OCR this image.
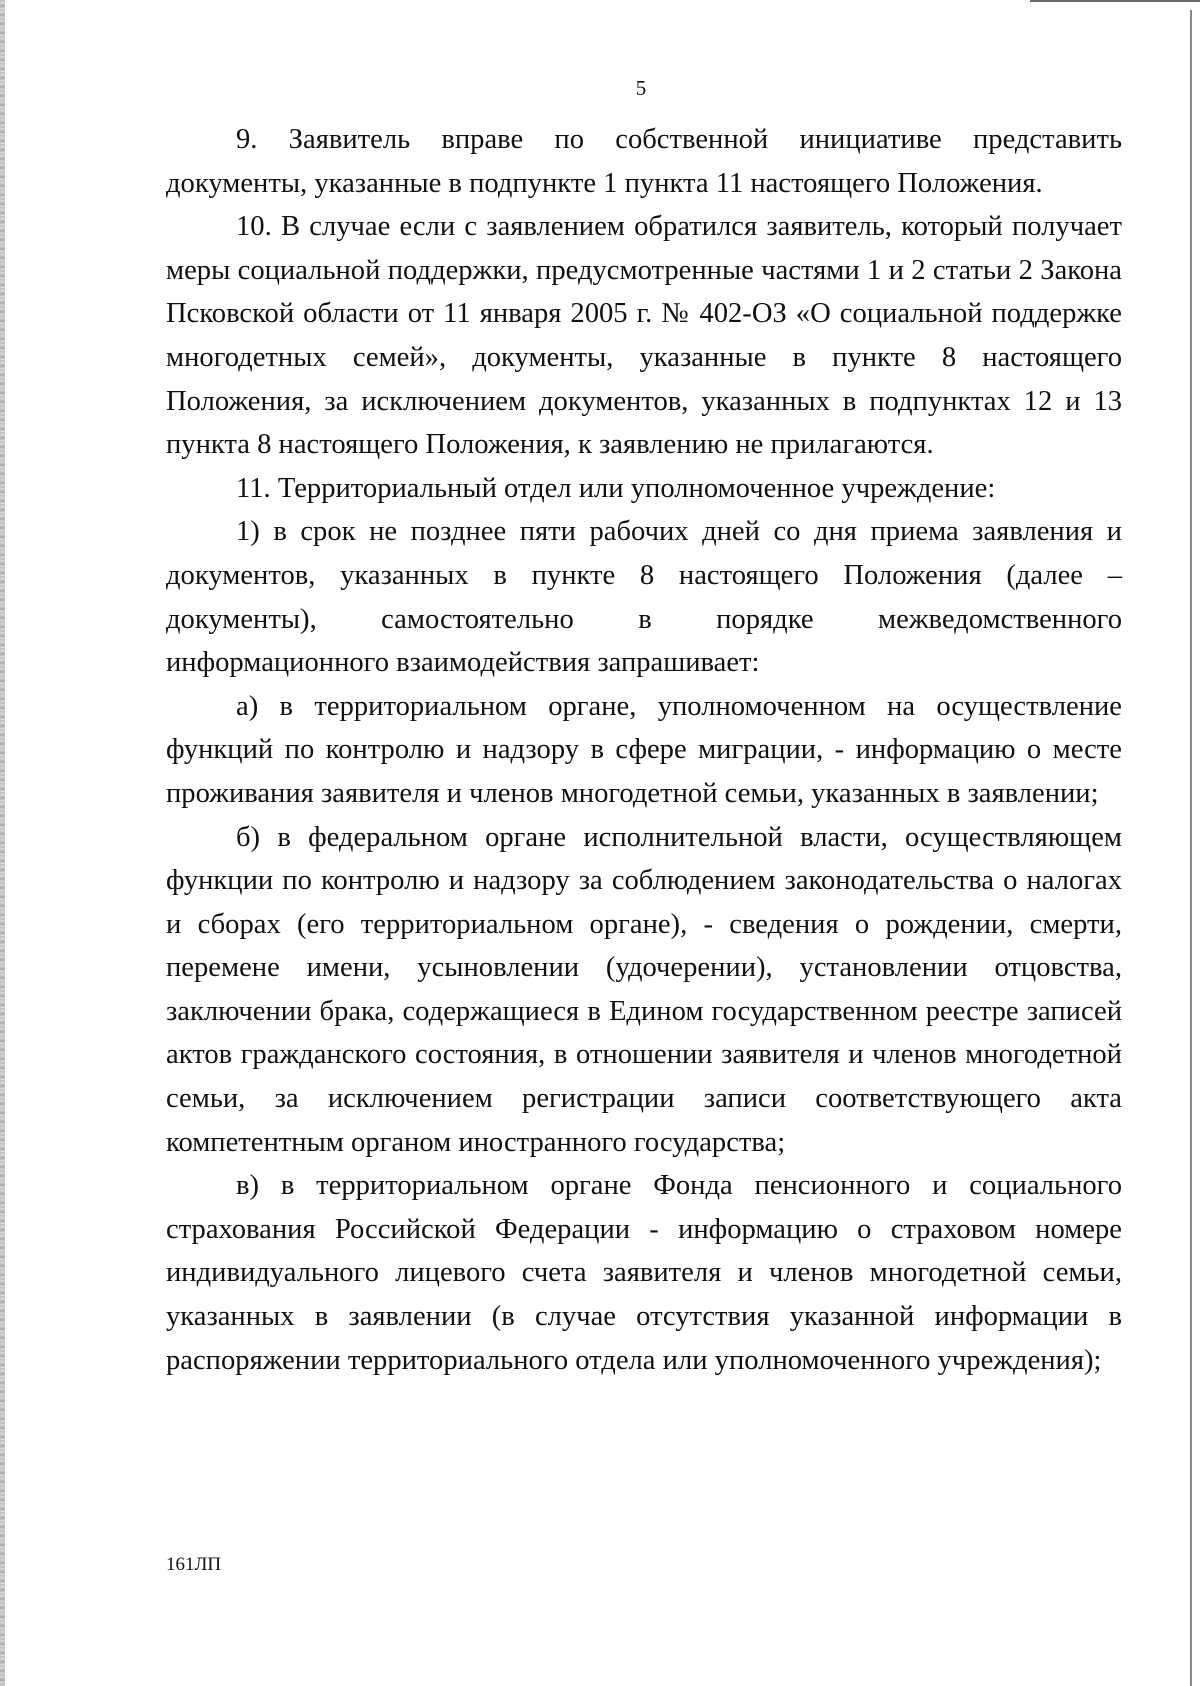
5

9. Заявитель вправе по собственной инициативе представить документы, указанные в подпункте 1 пункта 11 настоящего Положения.

10. В случае если с заявлением обратился заявитель, который получает меры социальной поддержки, предусмотренные частями 1 и 2 статьи 2 Закона Псковской области от 11 января 2005 г. № 402-ОЗ «О социальной поддержке многодетных семей», документы, указанные в пункте 8 настоящего Положения, за исключением документов, указанных в подпунктах 12 и 13 пункта 8 настоящего Положения, к заявлению не прилагаются.

11. Территориальный отдел или уполномоченное учреждение:

1) в срок не позднее пяти рабочих дней со дня приема заявления и документов, указанных в пункте 8 настоящего Положения (далее – документы), самостоятельно в порядке межведомственного информационного взаимодействия запрашивает:

а) в территориальном органе, уполномоченном на осуществление функций по контролю и надзору в сфере миграции, - информацию о месте проживания заявителя и членов многодетной семьи, указанных в заявлении;

б) в федеральном органе исполнительной власти, осуществляющем функции по контролю и надзору за соблюдением законодательства о налогах и сборах (его территориальном органе), - сведения о рождении, смерти, перемене имени, усыновлении (удочерении), установлении отцовства, заключении брака, содержащиеся в Едином государственном реестре записей актов гражданского состояния, в отношении заявителя и членов многодетной семьи, за исключением регистрации записи соответствующего акта компетентным органом иностранного государства;

в) в территориальном органе Фонда пенсионного и социального страхования Российской Федерации - информацию о страховом номере индивидуального лицевого счета заявителя и членов многодетной семьи, указанных в заявлении (в случае отсутствия указанной информации в распоряжении территориального отдела или уполномоченного учреждения);

161ЛП
